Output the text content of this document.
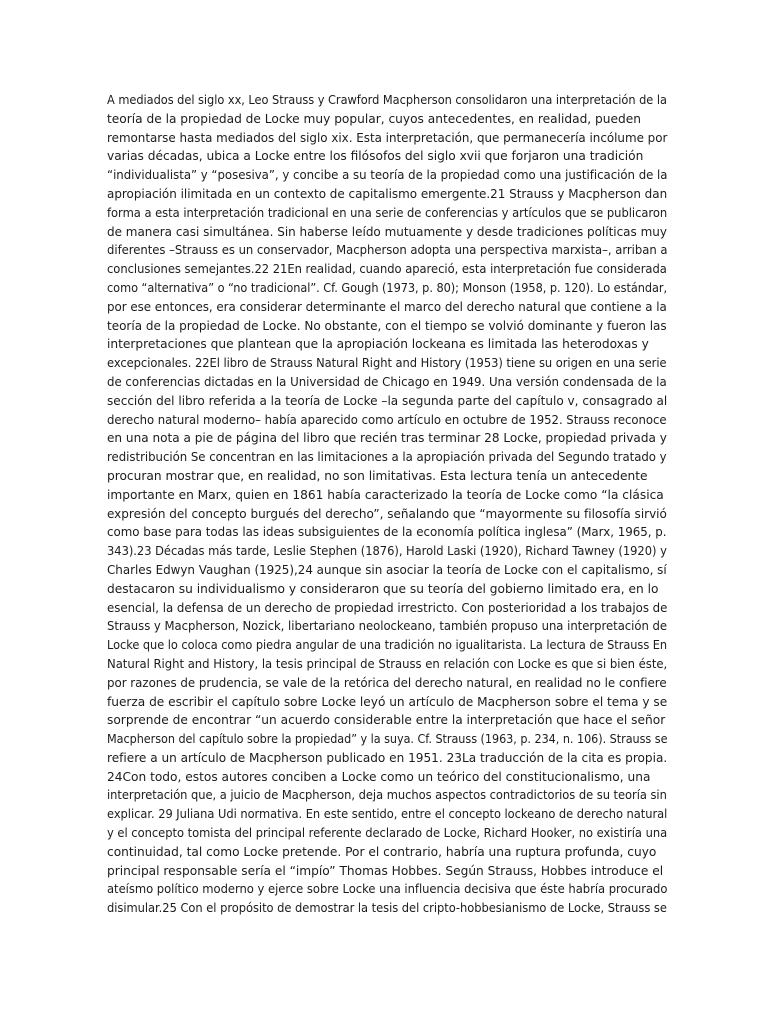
A mediados del siglo xx, Leo Strauss y Crawford Macpherson consolidaron una interpretación de la
teoría de la propiedad de Locke muy popular, cuyos antecedentes, en realidad, pueden
remontarse hasta mediados del siglo xix. Esta interpretación, que permanecería incólume por
varias décadas, ubica a Locke entre los filósofos del siglo xvii que forjaron una tradición
“individualista” y “posesiva”, y concibe a su teoría de la propiedad como una justificación de la
apropiación ilimitada en un contexto de capitalismo emergente.21 Strauss y Macpherson dan
forma a esta interpretación tradicional en una serie de conferencias y artículos que se publicaron
de manera casi simultánea. Sin haberse leído mutuamente y desde tradiciones políticas muy
diferentes –Strauss es un conservador, Macpherson adopta una perspectiva marxista–, arriban a
conclusiones semejantes.22 21En realidad, cuando apareció, esta interpretación fue considerada
como “alternativa” o “no tradicional”. Cf. Gough (1973, p. 80); Monson (1958, p. 120). Lo estándar,
por ese entonces, era considerar determinante el marco del derecho natural que contiene a la
teoría de la propiedad de Locke. No obstante, con el tiempo se volvió dominante y fueron las
interpretaciones que plantean que la apropiación lockeana es limitada las heterodoxas y
excepcionales. 22El libro de Strauss Natural Right and History (1953) tiene su origen en una serie
de conferencias dictadas en la Universidad de Chicago en 1949. Una versión condensada de la
sección del libro referida a la teoría de Locke –la segunda parte del capítulo v, consagrado al
derecho natural moderno– había aparecido como artículo en octubre de 1952. Strauss reconoce
en una nota a pie de página del libro que recién tras terminar 28 Locke, propiedad privada y
redistribución Se concentran en las limitaciones a la apropiación privada del Segundo tratado y
procuran mostrar que, en realidad, no son limitativas. Esta lectura tenía un antecedente
importante en Marx, quien en 1861 había caracterizado la teoría de Locke como “la clásica
expresión del concepto burgués del derecho”, señalando que “mayormente su filosofía sirvió
como base para todas las ideas subsiguientes de la economía política inglesa” (Marx, 1965, p.
343).23 Décadas más tarde, Leslie Stephen (1876), Harold Laski (1920), Richard Tawney (1920) y
Charles Edwyn Vaughan (1925),24 aunque sin asociar la teoría de Locke con el capitalismo, sí
destacaron su individualismo y consideraron que su teoría del gobierno limitado era, en lo
esencial, la defensa de un derecho de propiedad irrestricto. Con posterioridad a los trabajos de
Strauss y Macpherson, Nozick, libertariano neolockeano, también propuso una interpretación de
Locke que lo coloca como piedra angular de una tradición no igualitarista. La lectura de Strauss En
Natural Right and History, la tesis principal de Strauss en relación con Locke es que si bien éste,
por razones de prudencia, se vale de la retórica del derecho natural, en realidad no le confiere
fuerza de escribir el capítulo sobre Locke leyó un artículo de Macpherson sobre el tema y se
sorprende de encontrar “un acuerdo considerable entre la interpretación que hace el señor
Macpherson del capítulo sobre la propiedad” y la suya. Cf. Strauss (1963, p. 234, n. 106). Strauss se
refiere a un artículo de Macpherson publicado en 1951. 23La traducción de la cita es propia.
24Con todo, estos autores conciben a Locke como un teórico del constitucionalismo, una
interpretación que, a juicio de Macpherson, deja muchos aspectos contradictorios de su teoría sin
explicar. 29 Juliana Udi normativa. En este sentido, entre el concepto lockeano de derecho natural
y el concepto tomista del principal referente declarado de Locke, Richard Hooker, no existiría una
continuidad, tal como Locke pretende. Por el contrario, habría una ruptura profunda, cuyo
principal responsable sería el “impío” Thomas Hobbes. Según Strauss, Hobbes introduce el
ateísmo político moderno y ejerce sobre Locke una influencia decisiva que éste habría procurado
disimular.25 Con el propósito de demostrar la tesis del cripto-hobbesianismo de Locke, Strauss se
